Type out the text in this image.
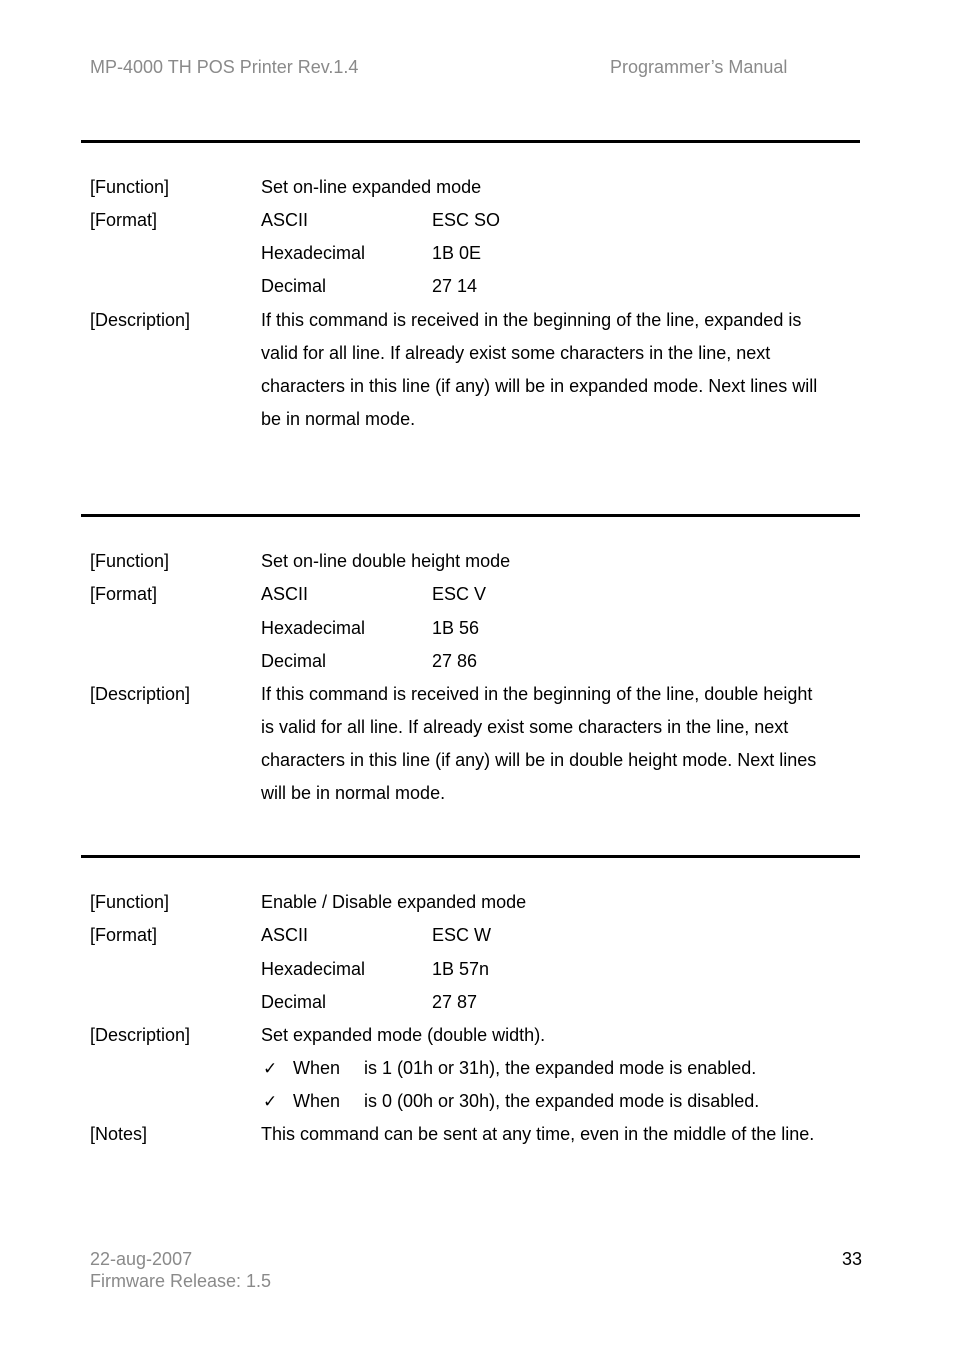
MP-4000 TH POS Printer Rev.1.4	Programmer’s Manual
[Function]	Set on-line expanded mode
[Format]	ASCII	ESC SO
Hexadecimal	1B 0E
Decimal	27 14
[Description]	If this command is received in the beginning of the line, expanded is
valid for all line. If already exist some characters in the line, next
characters in this line (if any) will be in expanded mode. Next lines will
be in normal mode.
[Function]	Set on-line double height mode
[Format]	ASCII	ESC V
Hexadecimal	1B 56
Decimal	27 86
[Description]	If this command is received in the beginning of the line, double height
is valid for all line. If already exist some characters in the line, next
characters in this line (if any) will be in double height mode. Next lines
will be in normal mode.
[Function]	Enable / Disable expanded mode
[Format]	ASCII	ESC W
Hexadecimal	1B 57n
Decimal	27 87
[Description]	Set expanded mode (double width).
✓ When is 1 (01h or 31h), the expanded mode is enabled.
✓ When is 0 (00h or 30h), the expanded mode is disabled.
[Notes]	This command can be sent at any time, even in the middle of the line.
22-aug-2007
Firmware Release: 1.5
33
